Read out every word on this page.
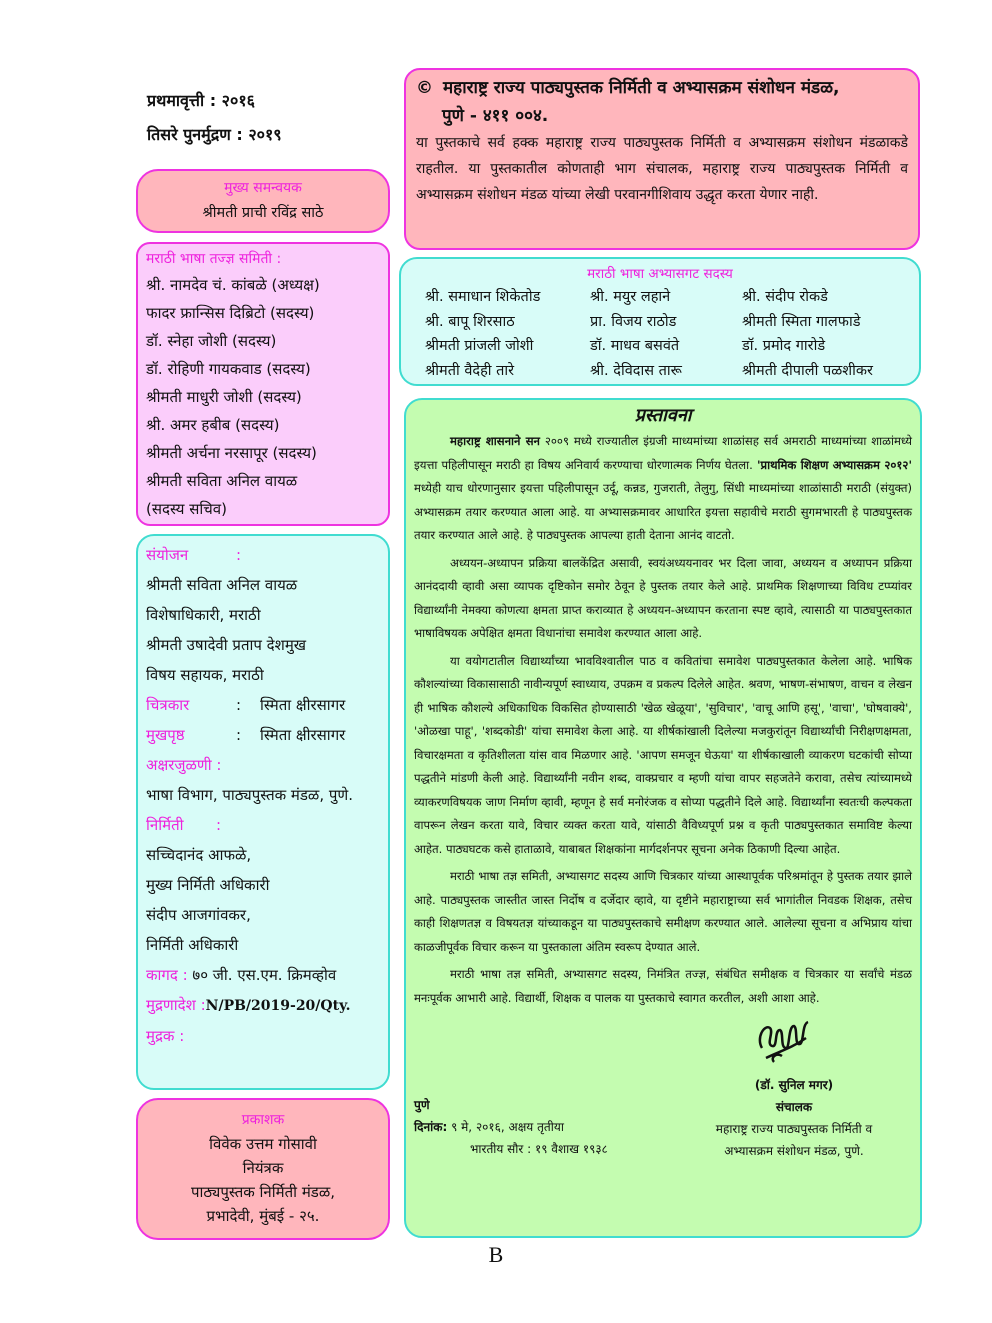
प्रथमावृत्ती : २०१६
तिसरे पुनर्मुद्रण : २०१९
मुख्य समन्वयक
श्रीमती प्राची रविंद्र साठे
मराठी भाषा तज्ज्ञ समिती :
श्री. नामदेव चं. कांबळे (अध्यक्ष)
फादर फ्रान्सिस दिब्रिटो (सदस्य)
डॉ. स्नेहा जोशी (सदस्य)
डॉ. रोहिणी गायकवाड (सदस्य)
श्रीमती माधुरी जोशी (सदस्य)
श्री. अमर हबीब (सदस्य)
श्रीमती अर्चना नरसापूर (सदस्य)
श्रीमती सविता अनिल वायळ
(सदस्य सचिव)
संयोजन	:
श्रीमती सविता अनिल वायळ
विशेषाधिकारी, मराठी
श्रीमती उषादेवी प्रताप देशमुख
विषय सहायक, मराठी
चित्रकार	:	स्मिता क्षीरसागर
मुखपृष्ठ	:	स्मिता क्षीरसागर
अक्षरजुळणी :
भाषा विभाग, पाठ्यपुस्तक मंडळ, पुणे.
निर्मिती	:
सच्चिदानंद आफळे,
मुख्य निर्मिती अधिकारी
संदीप आजगांवकर,
निर्मिती अधिकारी
कागद : ७० जी. एस.एम. क्रिमव्होव
मुद्रणादेश :N/PB/2019-20/Qty.
मुद्रक :
प्रकाशक
विवेक उत्तम गोसावी
नियंत्रक
पाठ्यपुस्तक निर्मिती मंडळ,
प्रभादेवी, मुंबई - २५.
© महाराष्ट्र राज्य पाठ्यपुस्तक निर्मिती व अभ्यासक्रम संशोधन मंडळ,
पुणे - ४११ ००४.
या पुस्तकाचे सर्व हक्क महाराष्ट्र राज्य पाठ्यपुस्तक निर्मिती व अभ्यासक्रम संशोधन मंडळाकडे राहतील. या पुस्तकातील कोणताही भाग संचालक, महाराष्ट्र राज्य पाठ्यपुस्तक निर्मिती व अभ्यासक्रम संशोधन मंडळ यांच्या लेखी परवानगीशिवाय उद्धृत करता येणार नाही.
मराठी भाषा अभ्यासगट सदस्य
श्री. समाधान शिकेतोड	श्री. मयुर लहाने	श्री. संदीप रोकडे
श्री. बापू शिरसाठ	प्रा. विजय राठोड	श्रीमती स्मिता गालफाडे
श्रीमती प्रांजली जोशी	डॉ. माधव बसवंते	डॉ. प्रमोद गारोडे
श्रीमती वैदेही तारे	श्री. देविदास तारू	श्रीमती दीपाली पळशीकर
प्रस्तावना

महाराष्ट्र शासनाने सन २००९ मध्ये राज्यातील इंग्रजी माध्यमांच्या शाळांसह सर्व अमराठी माध्यमांच्या शाळांमध्ये इयत्ता पहिलीपासून मराठी हा विषय अनिवार्य करण्याचा धोरणात्मक निर्णय घेतला. 'प्राथमिक शिक्षण अभ्यासक्रम २०१२' मध्येही याच धोरणानुसार इयत्ता पहिलीपासून उर्दू, कन्नड, गुजराती, तेलुगु, सिंधी माध्यमांच्या शाळांसाठी मराठी (संयुक्त) अभ्यासक्रम तयार करण्यात आला आहे. या अभ्यासक्रमावर आधारित इयत्ता सहावीचे मराठी सुगमभारती हे पाठ्यपुस्तक तयार करण्यात आले आहे. हे पाठ्यपुस्तक आपल्या हाती देताना आनंद वाटतो.

अध्ययन-अध्यापन प्रक्रिया बालकेंद्रित असावी, स्वयंअध्ययनावर भर दिला जावा, अध्ययन व अध्यापन प्रक्रिया आनंददायी व्हावी असा व्यापक दृष्टिकोन समोर ठेवून हे पुस्तक तयार केले आहे. प्राथमिक शिक्षणाच्या विविध टप्प्यांवर विद्यार्थ्यांनी नेमक्या कोणत्या क्षमता प्राप्त कराव्यात हे अध्ययन-अध्यापन करताना स्पष्ट व्हावे, त्यासाठी या पाठ्यपुस्तकात भाषाविषयक अपेक्षित क्षमता विधानांचा समावेश करण्यात आला आहे.

या वयोगटातील विद्यार्थ्यांच्या भावविश्वातील पाठ व कवितांचा समावेश पाठ्यपुस्तकात केलेला आहे. भाषिक कौशल्यांच्या विकासासाठी नावीन्यपूर्ण स्वाध्याय, उपक्रम व प्रकल्प दिलेले आहेत. श्रवण, भाषण-संभाषण, वाचन व लेखन ही भाषिक कौशल्ये अधिकाधिक विकसित होण्यासाठी 'खेळ खेळूया', 'सुविचार', 'वाचू आणि हसू', 'वाचा', 'घोषवाक्ये', 'ओळखा पाहू', 'शब्दकोडी' यांचा समावेश केला आहे. या शीर्षकांखाली दिलेल्या मजकुरांतून विद्यार्थ्यांची निरीक्षणक्षमता, विचारक्षमता व कृतिशीलता यांस वाव मिळणार आहे. 'आपण समजून घेऊया' या शीर्षकाखाली व्याकरण घटकांची सोप्या पद्धतीने मांडणी केली आहे. विद्यार्थ्यांनी नवीन शब्द, वाक्प्रचार व म्हणी यांचा वापर सहजतेने करावा, तसेच त्यांच्यामध्ये व्याकरणविषयक जाण निर्माण व्हावी, म्हणून हे सर्व मनोरंजक व सोप्या पद्धतीने दिले आहे. विद्यार्थ्यांना स्वतःची कल्पकता वापरून लेखन करता यावे, विचार व्यक्त करता यावे, यांसाठी वैविध्यपूर्ण प्रश्न व कृती पाठ्यपुस्तकात समाविष्ट केल्या आहेत. पाठ्यघटक कसे हाताळावे, याबाबत शिक्षकांना मार्गदर्शनपर सूचना अनेक ठिकाणी दिल्या आहेत.

मराठी भाषा तज्ञ समिती, अभ्यासगट सदस्य आणि चित्रकार यांच्या आस्थापूर्वक परिश्रमांतून हे पुस्तक तयार झाले आहे. पाठ्यपुस्तक जास्तीत जास्त निर्दोष व दर्जेदार व्हावे, या दृष्टीने महाराष्ट्राच्या सर्व भागांतील निवडक शिक्षक, तसेच काही शिक्षणतज्ञ व विषयतज्ञ यांच्याकडून या पाठ्यपुस्तकाचे समीक्षण करण्यात आले. आलेल्या सूचना व अभिप्राय यांचा काळजीपूर्वक विचार करून या पुस्तकाला अंतिम स्वरूप देण्यात आले.

मराठी भाषा तज्ञ समिती, अभ्यासगट सदस्य, निमंत्रित तज्ज्ञ, संबंधित समीक्षक व चित्रकार या सर्वांचे मंडळ मनःपूर्वक आभारी आहे. विद्यार्थी, शिक्षक व पालक या पुस्तकाचे स्वागत करतील, अशी आशा आहे.

(डॉ. सुनिल मगर)
संचालक
महाराष्ट्र राज्य पाठ्यपुस्तक निर्मिती व
अभ्यासक्रम संशोधन मंडळ, पुणे.
पुणे
दिनांक: ९ मे, २०१६, अक्षय तृतीया
भारतीय सौर : १९ वैशाख १९३८
B
